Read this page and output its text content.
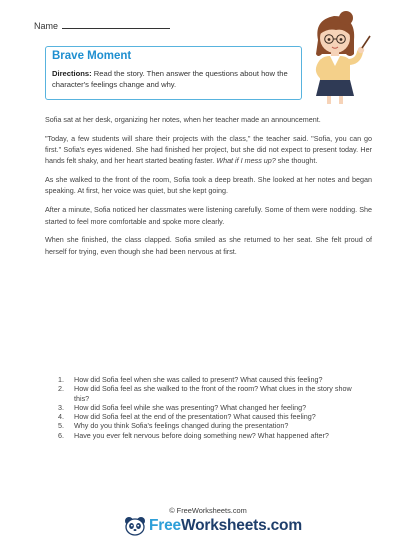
Name
Brave Moment
Directions: Read the story. Then answer the questions about how the character's feelings change and why.

Sofia sat at her desk, organizing her notes, when her teacher made an announcement.

"Today, a few students will share their projects with the class," the teacher said. "Sofia, you can go first." Sofia's eyes widened. She had finished her project, but she did not expect to present today. Her hands felt shaky, and her heart started beating faster. What if I mess up? she thought.

As she walked to the front of the room, Sofia took a deep breath. She looked at her notes and began speaking. At first, her voice was quiet, but she kept going.

After a minute, Sofia noticed her classmates were listening carefully. Some of them were nodding. She started to feel more comfortable and spoke more clearly.

When she finished, the class clapped. Sofia smiled as she returned to her seat. She felt proud of herself for trying, even though she had been nervous at first.

1.	How did Sofia feel when she was called to present? What caused this feeling?
2.	How did Sofia feel as she walked to the front of the room? What clues in the story show this?
3.	How did Sofia feel while she was presenting? What changed her feeling?
4.	How did Sofia feel at the end of the presentation? What caused this feeling?
5.	Why do you think Sofia's feelings changed during the presentation?
6.	Have you ever felt nervous before doing something new? What happened after?
© FreeWorksheets.com
Free Worksheets.com
